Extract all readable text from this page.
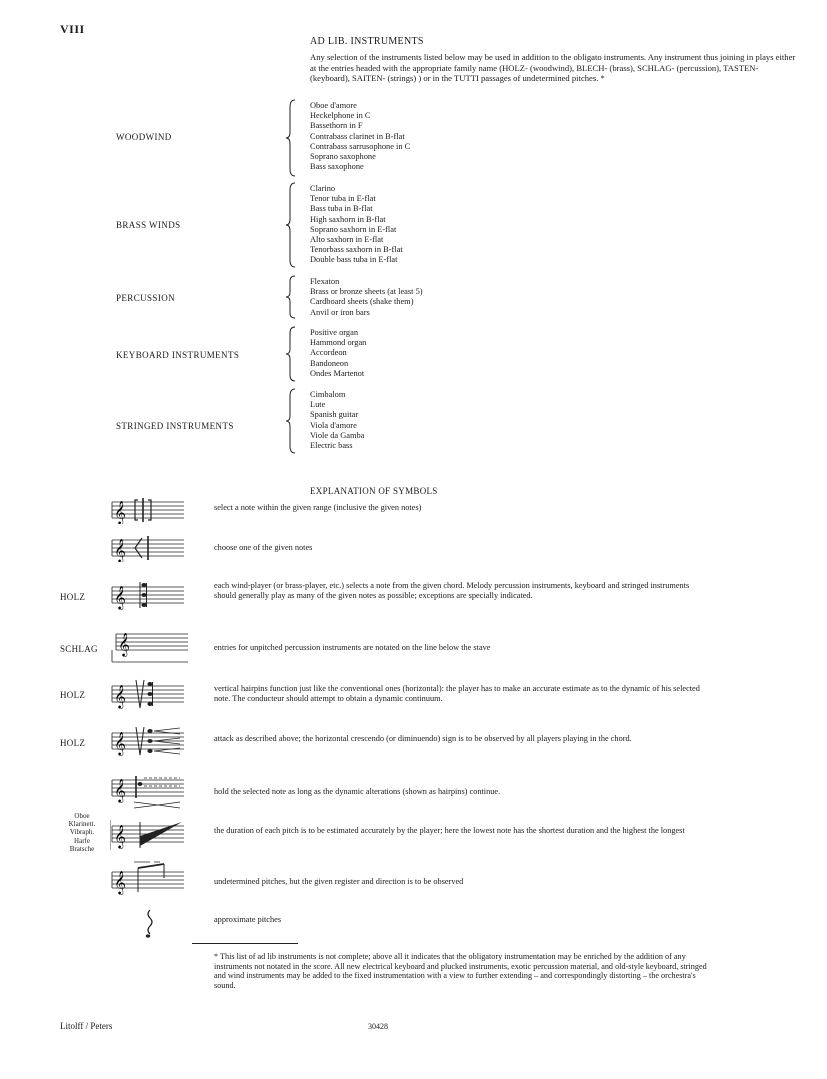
VIII
AD LIB. INSTRUMENTS
Any selection of the instruments listed below may be used in addition to the obligato instruments. Any instrument thus joining in plays either at the entries headed with the appropriate family name (HOLZ- (woodwind), BLECH- (brass), SCHLAG- (percussion), TASTEN- (keyboard), SAITEN- (strings) ) or in the TUTTI passages of undetermined pitches. *
WOODWIND
Oboe d'amore
Heckelphone in C
Bassethorn in F
Contrabass clarinet in B-flat
Contrabass sarrusophone in C
Soprano saxophone
Bass saxophone
BRASS WINDS
Clarino
Tenor tuba in E-flat
Bass tuba in B-flat
High saxhorn in B-flat
Soprano saxhorn in E-flat
Alto saxhorn in E-flat
Tenorbass saxhorn in B-flat
Double bass tuba in E-flat
PERCUSSION
Flexaton
Brass or bronze sheets (at least 5)
Cardboard sheets (shake them)
Anvil or iron bars
KEYBOARD INSTRUMENTS
Positive organ
Hammond organ
Accordeon
Bandoneon
Ondes Martenot
STRINGED INSTRUMENTS
Cimbalom
Lute
Spanish guitar
Viola d'amore
Viole da Gamba
Electric bass
EXPLANATION OF SYMBOLS
𝄞	select a note within the given range (inclusive the given notes)
𝄞	choose one of the given notes
HOLZ 𝄞	each wind-player (or brass-player, etc.) selects a note from the given chord. Melody percussion instruments, keyboard and stringed instruments should generally play as many of the given notes as possible; exceptions are specially indicated.
SCHLAG 𝄞	entries for unpitched percussion instruments are notated on the line below the stave
HOLZ 𝄞	vertical hairpins function just like the conventional ones (horizontal): the player has to make an accurate estimate as to the dynamic of his selected note. The conducteur should attempt to obtain a dynamic continuum.
HOLZ 𝄞	attack as described above; the horizontal crescendo (or diminuendo) sign is to be observed by all players playing in the chord.
𝄞	hold the selected note as long as the dynamic alterations (shown as hairpins) continue.
Oboe
Klarinett.
Vibraph.
Harfe
Bratsche
𝄞	the duration of each pitch is to be estimated accurately by the player; here the lowest note has the shortest duration and the highest the longest
𝄞	undetermined pitches, but the given register and direction is to be observed
approximate pitches
* This list of ad lib instruments is not complete; above all it indicates that the obligatory instrumentation may be enriched by the addition of any instruments not notated in the score. All new electrical keyboard and plucked instruments, exotic percussion material, and old-style keyboard, stringed and wind instruments may be added to the fixed instrumentation with a view to further extending – and correspondingly distorting – the orchestra's sound.
Litolff / Peters	30428
